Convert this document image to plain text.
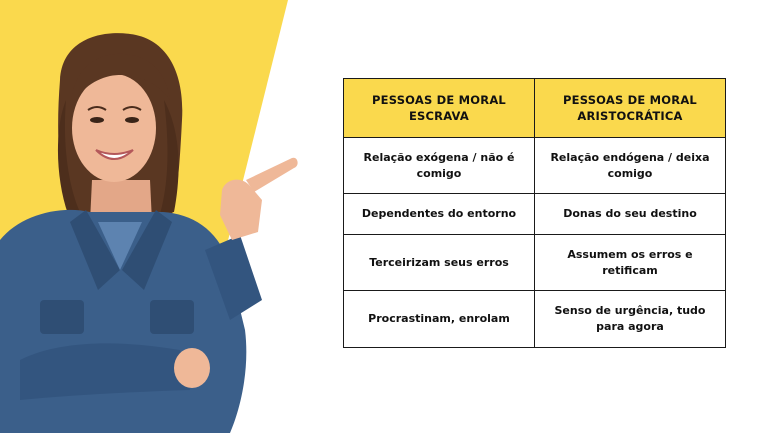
PESSOAS DE MORAL ESCRAVA	PESSOAS DE MORAL ARISTOCRÁTICA
Relação exógena / não é comigo	Relação endógena / deixa comigo
Dependentes do entorno	Donas do seu destino
Terceirizam seus erros	Assumem os erros e retificam
Procrastinam, enrolam	Senso de urgência, tudo para agora
